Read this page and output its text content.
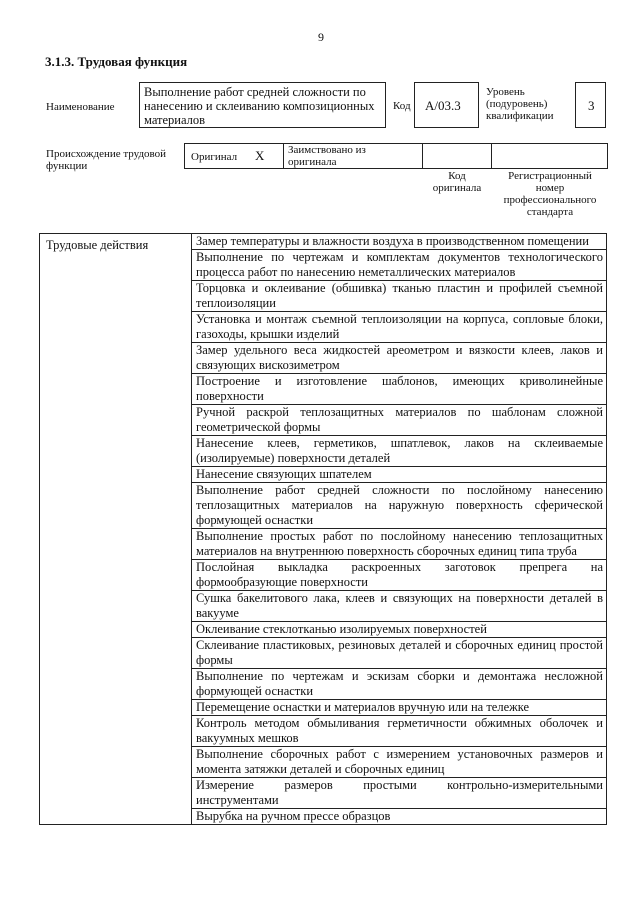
9
3.1.3. Трудовая функция
Наименование
Выполнение работ средней сложности по нанесению и склеиванию композиционных материалов
Код А/03.3
Уровень (подуровень) квалификации
3
Происхождение трудовой функции
Оригинал X Заимствовано из оригинала
Код оригинала
Регистрационный номер профессионального стандарта
Трудовые действия	Замер температуры и влажности воздуха в производственном помещении
Выполнение по чертежам и комплектам документов технологического процесса работ по нанесению неметаллических материалов
Торцовка и оклеивание (обшивка) тканью пластин и профилей съемной теплоизоляции
Установка и монтаж съемной теплоизоляции на корпуса, сопловые блоки, газоходы, крышки изделий
Замер удельного веса жидкостей ареометром и вязкости клеев, лаков и связующих вискозиметром
Построение и изготовление шаблонов, имеющих криволинейные поверхности
Ручной раскрой теплозащитных материалов по шаблонам сложной геометрической формы
Нанесение клеев, герметиков, шпатлевок, лаков на склеиваемые (изолируемые) поверхности деталей
Нанесение связующих шпателем
Выполнение работ средней сложности по послойному нанесению теплозащитных материалов на наружную поверхность сферической формующей оснастки
Выполнение простых работ по послойному нанесению теплозащитных материалов на внутреннюю поверхность сборочных единиц типа труба
Послойная выкладка раскроенных заготовок препрега на формообразующие поверхности
Сушка бакелитового лака, клеев и связующих на поверхности деталей в вакууме
Оклеивание стеклотканью изолируемых поверхностей
Склеивание пластиковых, резиновых деталей и сборочных единиц простой формы
Выполнение по чертежам и эскизам сборки и демонтажа несложной формующей оснастки
Перемещение оснастки и материалов вручную или на тележке
Контроль методом обмыливания герметичности обжимных оболочек и вакуумных мешков
Выполнение сборочных работ с измерением установочных размеров и момента затяжки деталей и сборочных единиц
Измерение размеров простыми контрольно-измерительными инструментами
Вырубка на ручном прессе образцов
